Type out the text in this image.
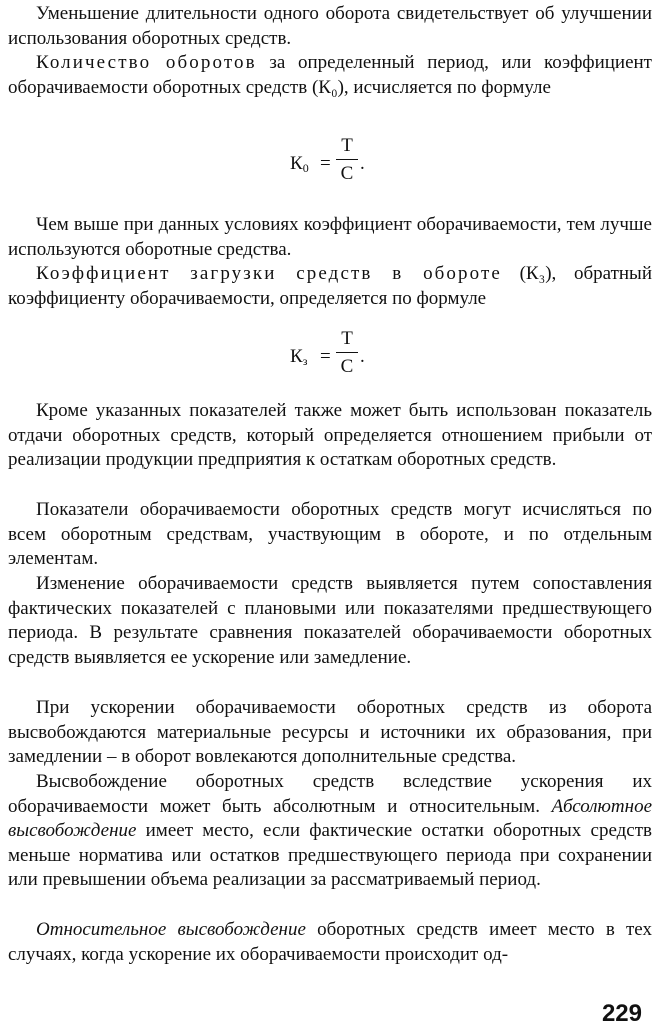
Уменьшение длительности одного оборота свидетельствует об улучшении использования оборотных средств.

Количество оборотов за определенный период, или коэффициент оборачиваемости оборотных средств (К₀), исчисляется по формуле

$К_0$ =
Т
С .

Чем выше при данных условиях коэффициент оборачиваемости, тем лучше используются оборотные средства.

Коэффициент загрузки средств в обороте (К₃), обратный коэффициенту оборачиваемости, определяется по формуле

$К_з$ =
Т
С .

Кроме указанных показателей также может быть использован показатель отдачи оборотных средств, который определяется отношением прибыли от реализации продукции предприятия к остаткам оборотных средств.

Показатели оборачиваемости оборотных средств могут исчисляться по всем оборотным средствам, участвующим в обороте, и по отдельным элементам.

Изменение оборачиваемости средств выявляется путем сопоставления фактических показателей с плановыми или показателями предшествующего периода. В результате сравнения показателей оборачиваемости оборотных средств выявляется ее ускорение или замедление.

При ускорении оборачиваемости оборотных средств из оборота высвобождаются материальные ресурсы и источники их образования, при замедлении – в оборот вовлекаются дополнительные средства.

Высвобождение оборотных средств вследствие ускорения их оборачиваемости может быть абсолютным и относительным. Абсолютное высвобождение имеет место, если фактические остатки оборотных средств меньше норматива или остатков предшествующего периода при сохранении или превышении объема реализации за рассматриваемый период.

Относительное высвобождение оборотных средств имеет место в тех случаях, когда ускорение их оборачиваемости происходит од-

229
